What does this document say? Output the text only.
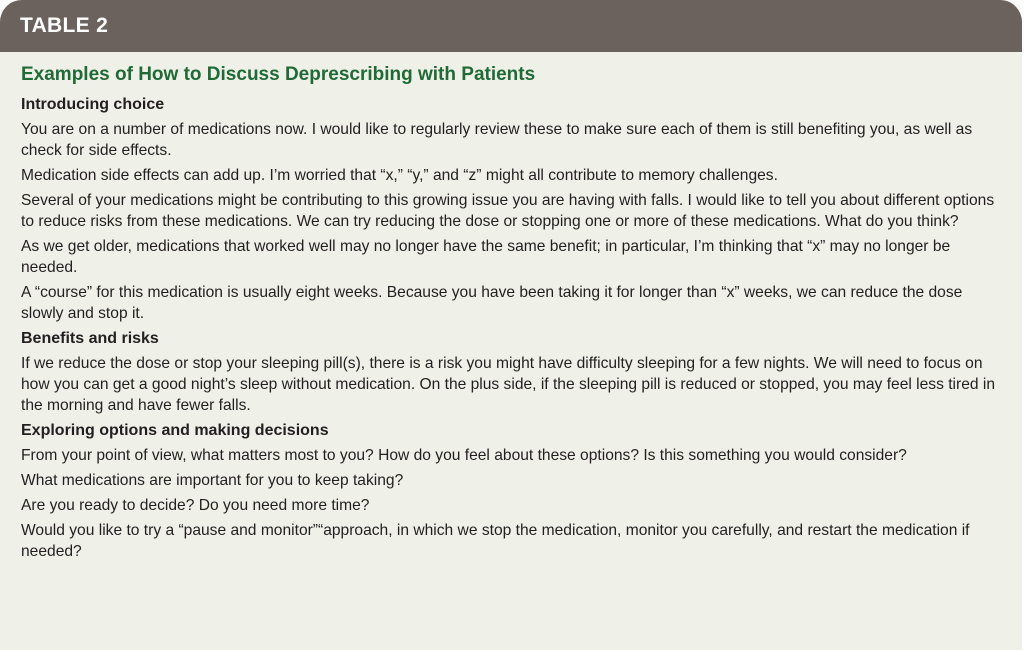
TABLE 2
Examples of How to Discuss Deprescribing with Patients
Introducing choice

You are on a number of medications now. I would like to regularly review these to make sure each of them is still benefiting you, as well as check for side effects.

Medication side effects can add up. I’m worried that “x,” “y,” and “z” might all contribute to memory challenges.

Several of your medications might be contributing to this growing issue you are having with falls. I would like to tell you about different options to reduce risks from these medications. We can try reducing the dose or stopping one or more of these medications. What do you think?

As we get older, medications that worked well may no longer have the same benefit; in particular, I’m thinking that “x” may no longer be needed.

A “course” for this medication is usually eight weeks. Because you have been taking it for longer than “x” weeks, we can reduce the dose slowly and stop it.

Benefits and risks

If we reduce the dose or stop your sleeping pill(s), there is a risk you might have difficulty sleeping for a few nights. We will need to focus on how you can get a good night’s sleep without medication. On the plus side, if the sleeping pill is reduced or stopped, you may feel less tired in the morning and have fewer falls.

Exploring options and making decisions

From your point of view, what matters most to you? How do you feel about these options? Is this something you would consider?

What medications are important for you to keep taking?

Are you ready to decide? Do you need more time?

Would you like to try a “pause and monitor”“approach, in which we stop the medication, monitor you carefully, and restart the medication if needed?
